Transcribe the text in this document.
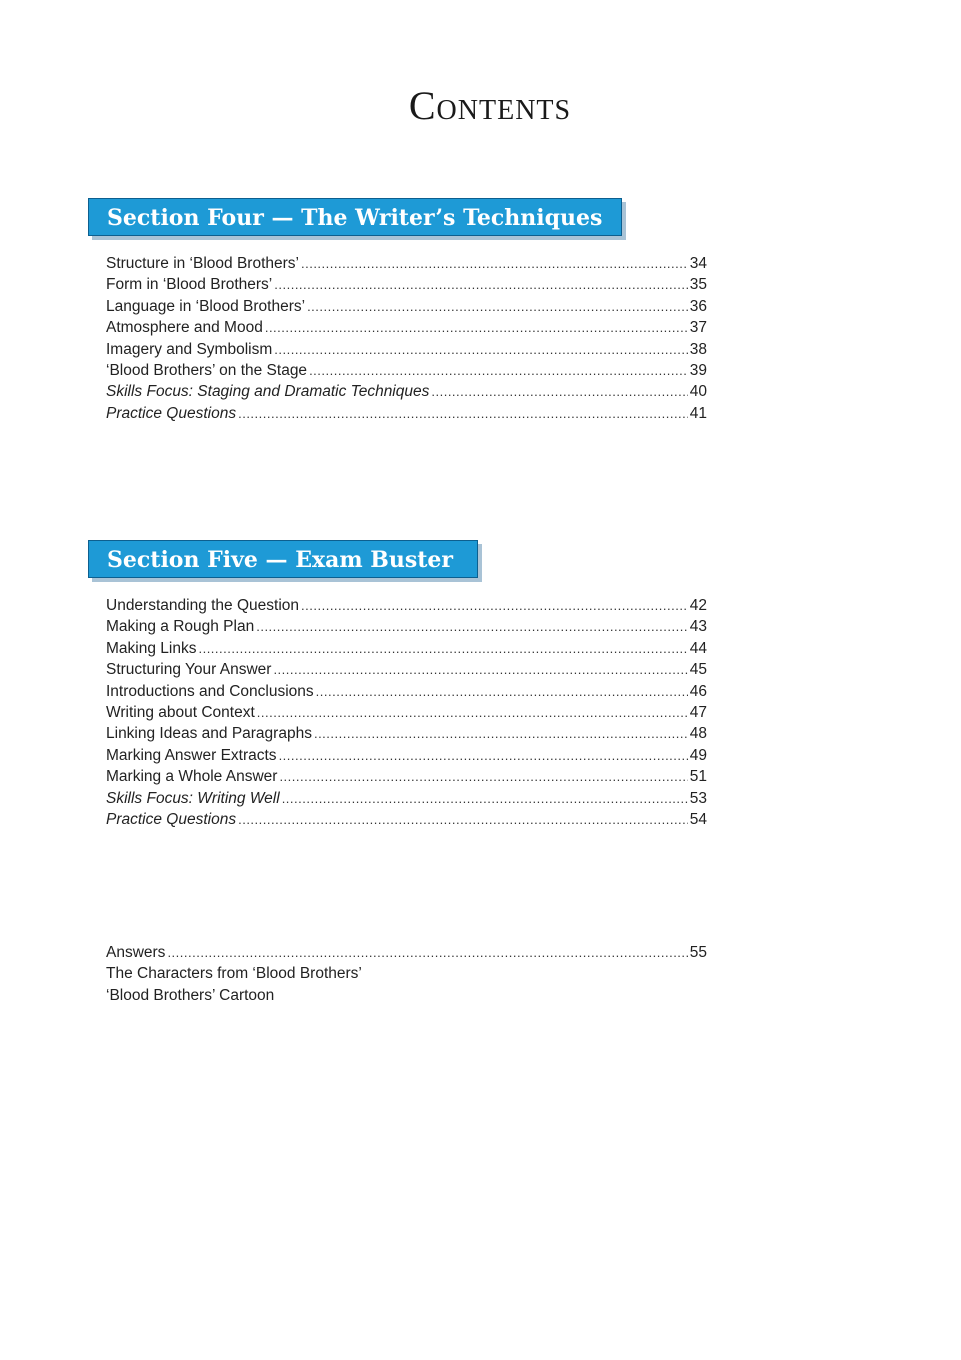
Contents
Section Four — The Writer’s Techniques
Structure in ‘Blood Brothers’ .....	34
Form in ‘Blood Brothers’ .....	35
Language in ‘Blood Brothers’ .....	36
Atmosphere and Mood .....	37
Imagery and Symbolism .....	38
‘Blood Brothers’ on the Stage .....	39
Skills Focus: Staging and Dramatic Techniques .....	40
Practice Questions .....	41
Section Five — Exam Buster
Understanding the Question .....	42
Making a Rough Plan .....	43
Making Links .....	44
Structuring Your Answer .....	45
Introductions and Conclusions .....	46
Writing about Context .....	47
Linking Ideas and Paragraphs .....	48
Marking Answer Extracts .....	49
Marking a Whole Answer .....	51
Skills Focus: Writing Well .....	53
Practice Questions .....	54
Answers .....	55
The Characters from ‘Blood Brothers’
‘Blood Brothers’ Cartoon
